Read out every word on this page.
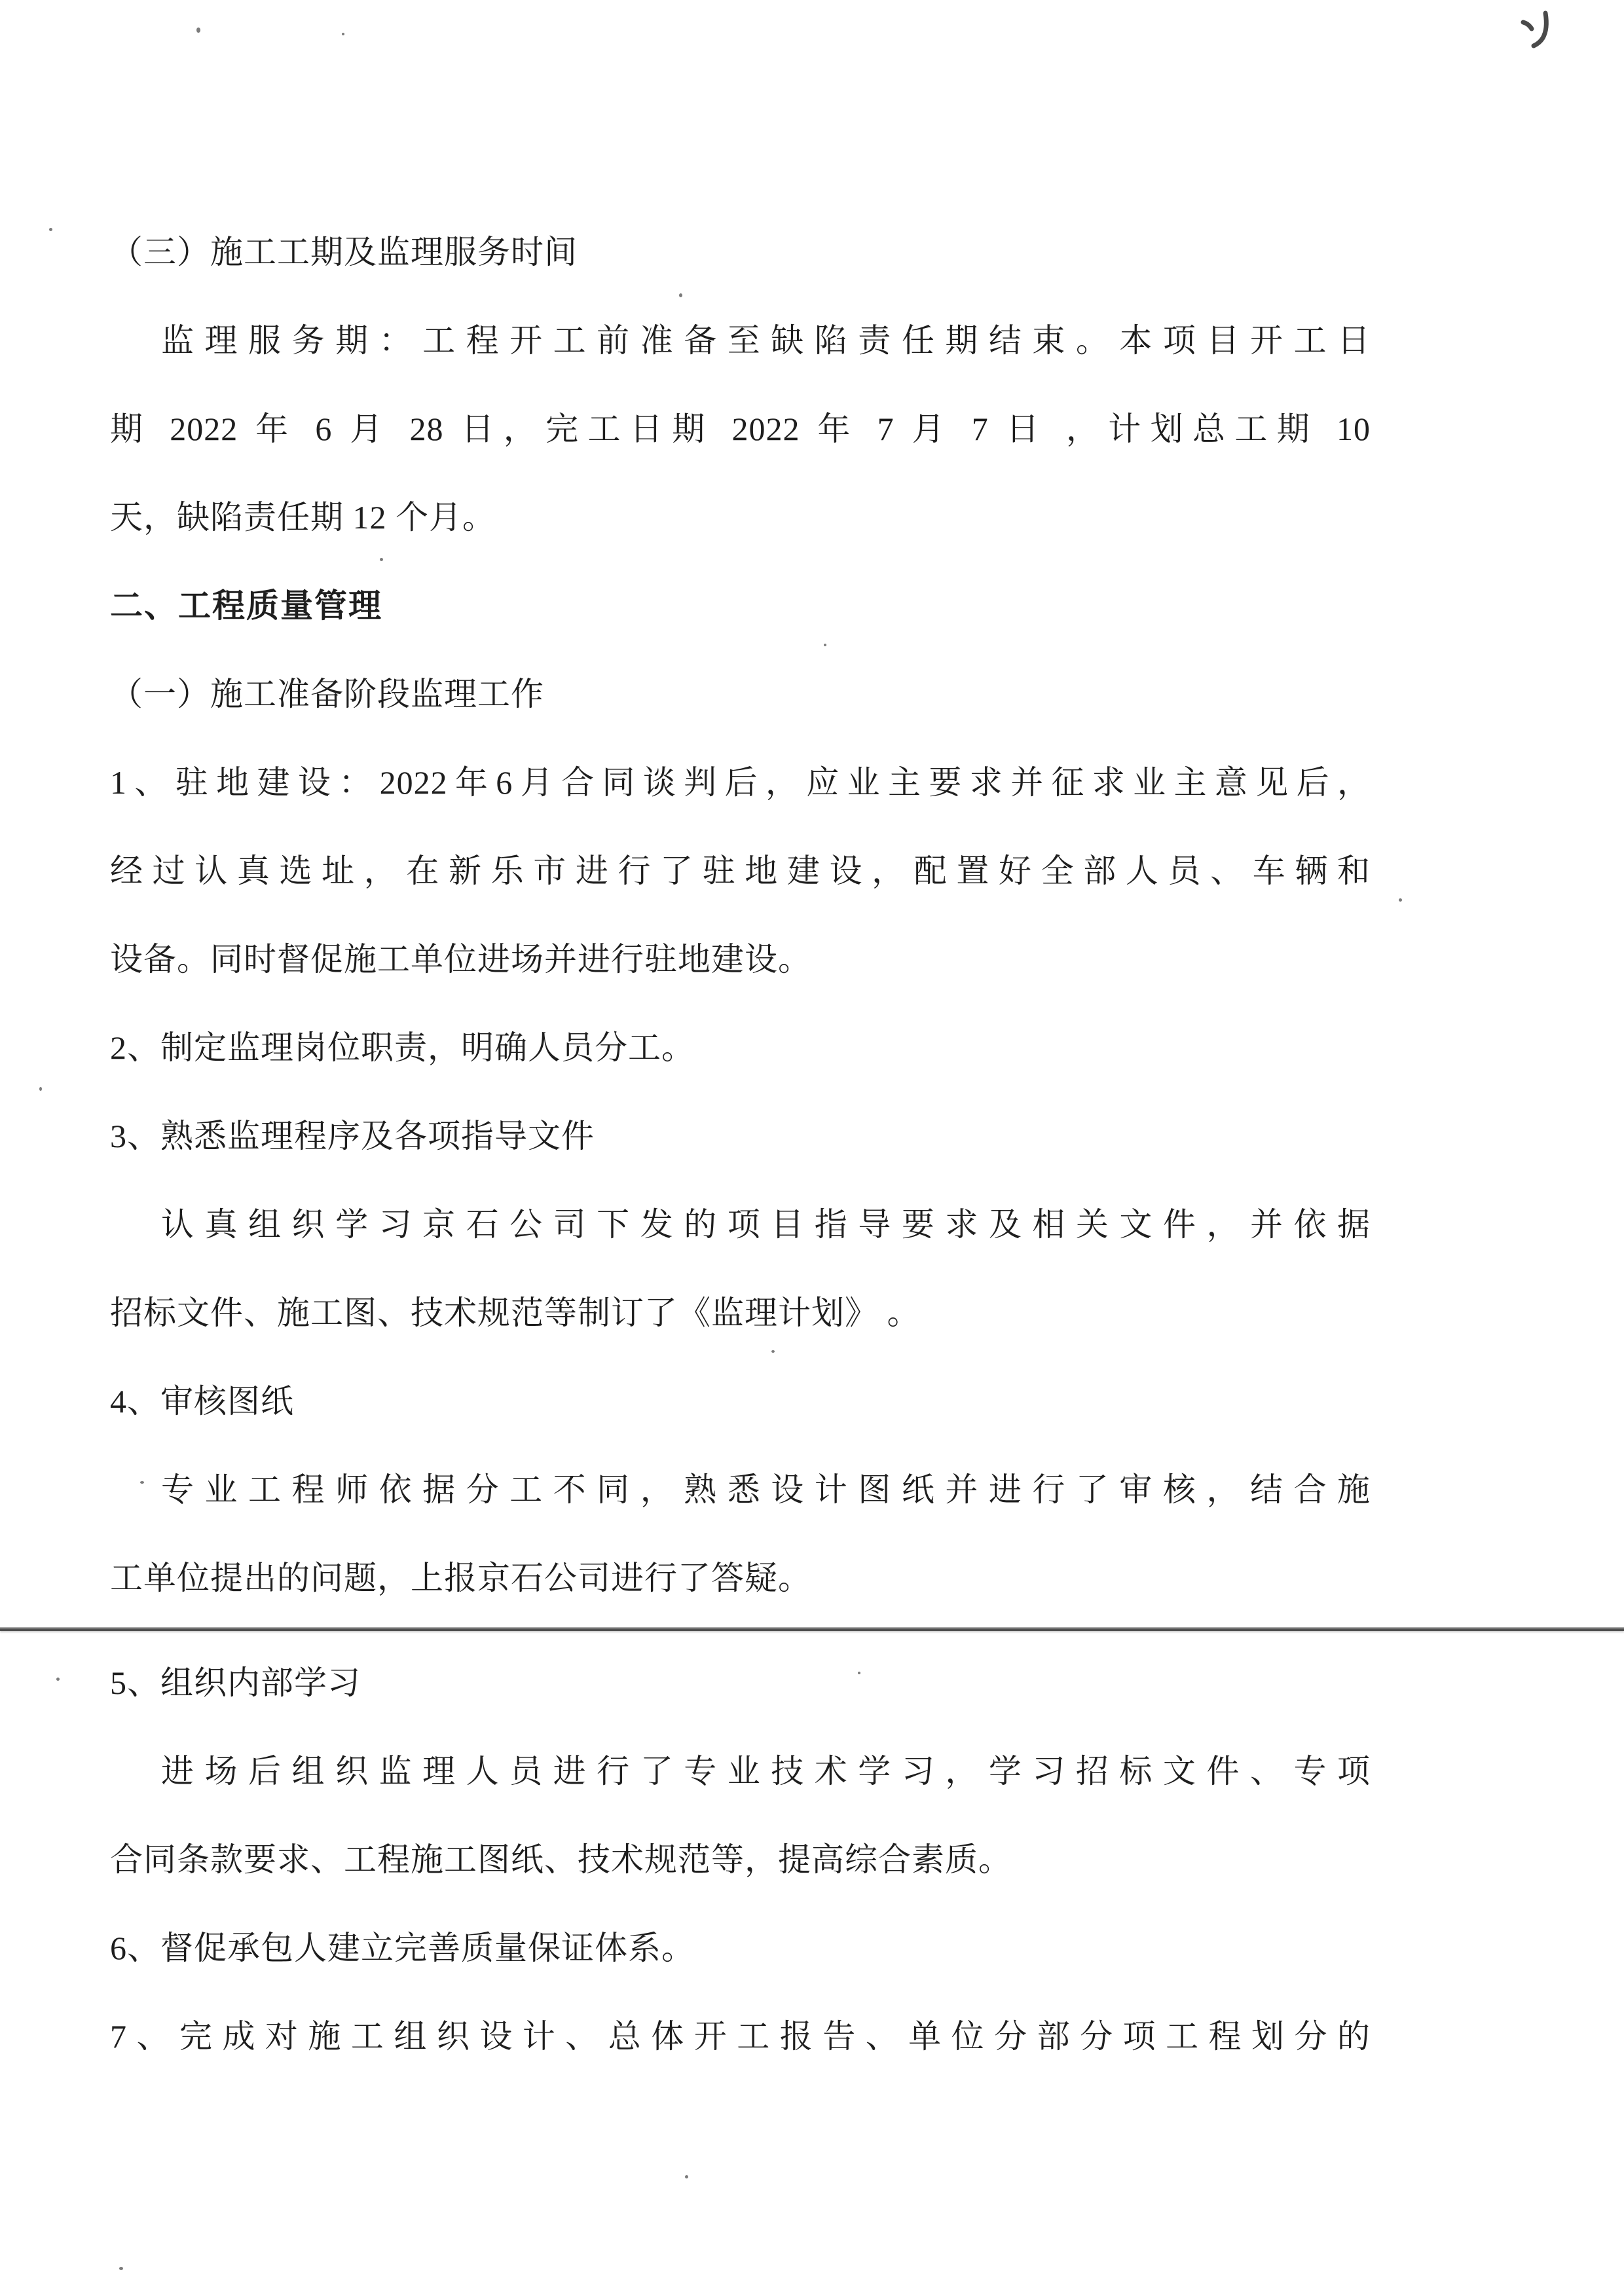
（三）施工工期及监理服务时间
监理服务期：工程开工前准备至缺陷责任期结束。本项目开工日
期 2022 年 6 月 28 日，完工日期 2022 年 7 月 7 日 ，计划总工期 10
天，缺陷责任期 12 个月。
二、工程质量管理
（一）施工准备阶段监理工作
1、驻地建设：2022年6月合同谈判后，应业主要求并征求业主意见后，
经过认真选址，在新乐市进行了驻地建设，配置好全部人员、车辆和
设备。同时督促施工单位进场并进行驻地建设。
2、制定监理岗位职责，明确人员分工。
3、熟悉监理程序及各项指导文件
认真组织学习京石公司下发的项目指导要求及相关文件，并依据
招标文件、施工图、技术规范等制订了《监理计划》 。
4、审核图纸
专业工程师依据分工不同，熟悉设计图纸并进行了审核，结合施
工单位提出的问题，上报京石公司进行了答疑。
5、组织内部学习
进场后组织监理人员进行了专业技术学习，学习招标文件、专项
合同条款要求、工程施工图纸、技术规范等，提高综合素质。
6、督促承包人建立完善质量保证体系。
7、完成对施工组织设计、总体开工报告、单位分部分项工程划分的
